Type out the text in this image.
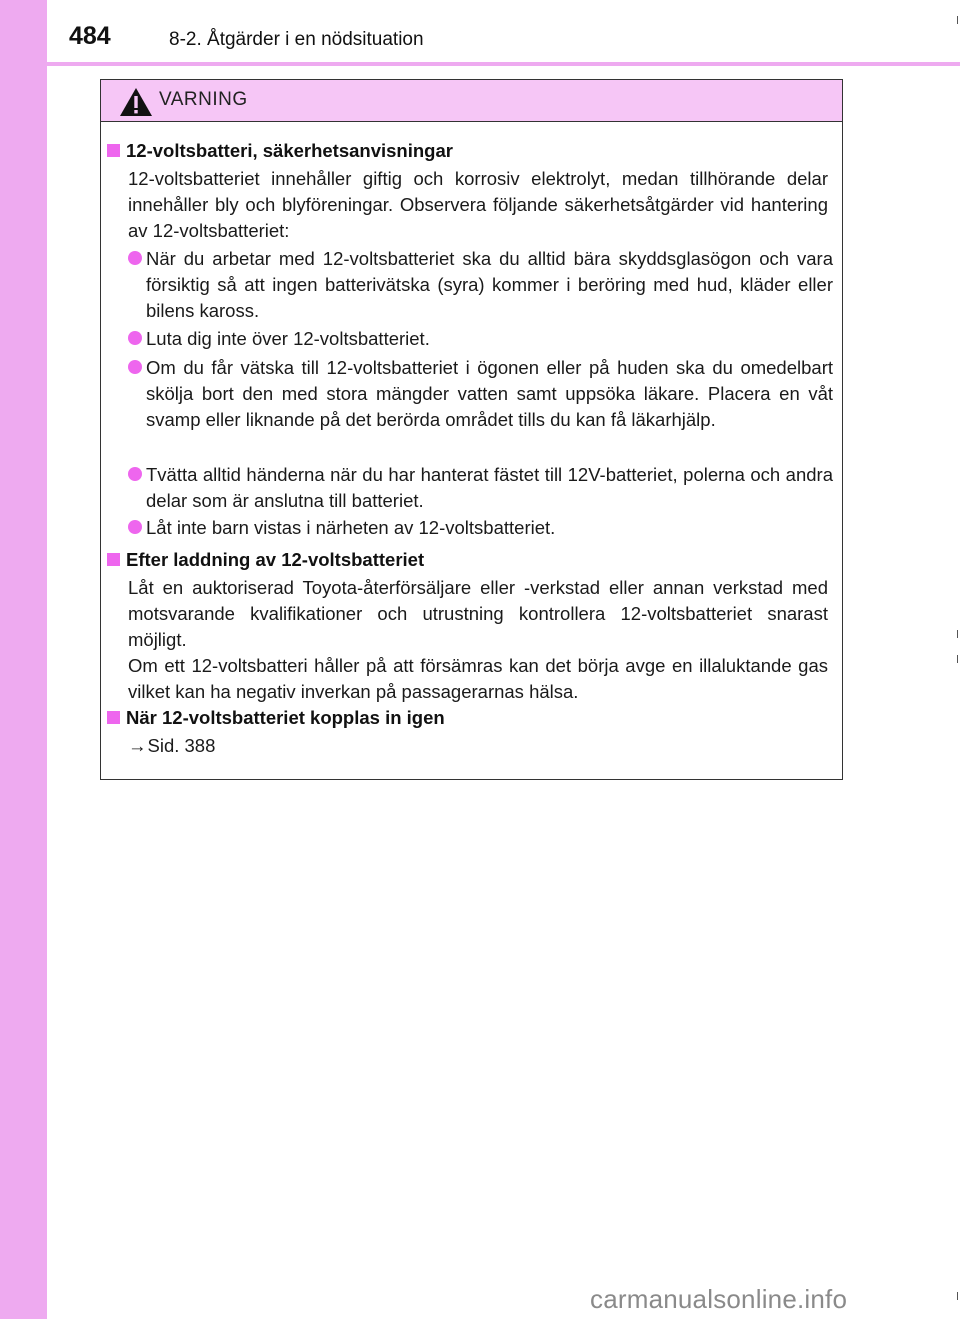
484	8-2. Åtgärder i en nödsituation
VARNING
12-voltsbatteri, säkerhetsanvisningar
12-voltsbatteriet innehåller giftig och korrosiv elektrolyt, medan tillhörande delar innehåller bly och blyföreningar. Observera följande säkerhetsåtgärder vid hantering av 12-voltsbatteriet:
När du arbetar med 12-voltsbatteriet ska du alltid bära skyddsglasögon och vara försiktig så att ingen batterivätska (syra) kommer i beröring med hud, kläder eller bilens kaross.
Luta dig inte över 12-voltsbatteriet.
Om du får vätska till 12-voltsbatteriet i ögonen eller på huden ska du omedelbart skölja bort den med stora mängder vatten samt uppsöka läkare. Placera en våt svamp eller liknande på det berörda området tills du kan få läkarhjälp.
Tvätta alltid händerna när du har hanterat fästet till 12V-batteriet, polerna och andra delar som är anslutna till batteriet.
Låt inte barn vistas i närheten av 12-voltsbatteriet.
Efter laddning av 12-voltsbatteriet
Låt en auktoriserad Toyota-återförsäljare eller -verkstad eller annan verkstad med motsvarande kvalifikationer och utrustning kontrollera 12-voltsbatteriet snarast möjligt.
Om ett 12-voltsbatteri håller på att försämras kan det börja avge en illaluktande gas vilket kan ha negativ inverkan på passagerarnas hälsa.
När 12-voltsbatteriet kopplas in igen
→Sid. 388
carmanualsonline.info
